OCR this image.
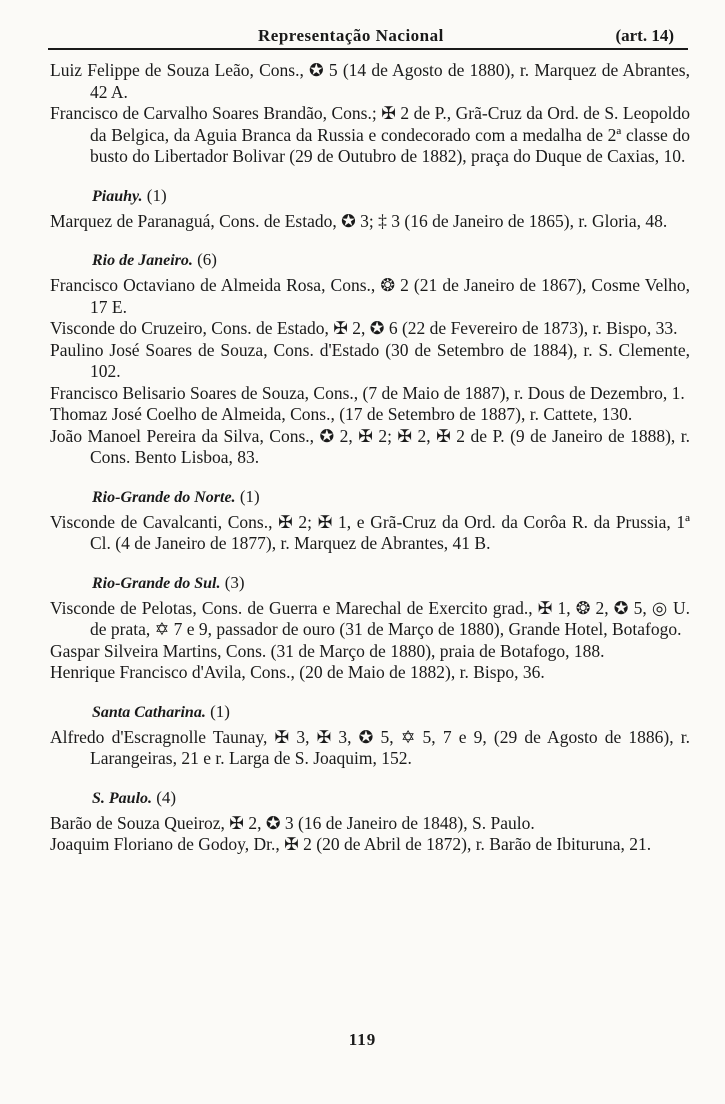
Representação Nacional	(art. 14)
Luiz Felippe de Souza Leão, Cons., ✪ 5 (14 de Agosto de 1880), r. Marquez de Abrantes, 42 A.
Francisco de Carvalho Soares Brandão, Cons.; ✠ 2 de P., Grã-Cruz da Ord. de S. Leopoldo da Belgica, da Aguia Branca da Russia e condecorado com a medalha de 2ª classe do busto do Libertador Bolivar (29 de Outubro de 1882), praça do Duque de Caxias, 10.
Piauhy. (1)
Marquez de Paranaguá, Cons. de Estado, ✪ 3; ‡ 3 (16 de Janeiro de 1865), r. Gloria, 48.
Rio de Janeiro. (6)
Francisco Octaviano de Almeida Rosa, Cons., ❂ 2 (21 de Janeiro de 1867), Cosme Velho, 17 E.
Visconde do Cruzeiro, Cons. de Estado, ✠ 2, ✪ 6 (22 de Fevereiro de 1873), r. Bispo, 33.
Paulino José Soares de Souza, Cons. d'Estado (30 de Setembro de 1884), r. S. Clemente, 102.
Francisco Belisario Soares de Souza, Cons., (7 de Maio de 1887), r. Dous de Dezembro, 1.
Thomaz José Coelho de Almeida, Cons., (17 de Setembro de 1887), r. Cattete, 130.
João Manoel Pereira da Silva, Cons., ✪ 2, ✠ 2; ✠ 2, ✠ 2 de P. (9 de Janeiro de 1888), r. Cons. Bento Lisboa, 83.
Rio-Grande do Norte. (1)
Visconde de Cavalcanti, Cons., ✠ 2; ✠ 1, e Grã-Cruz da Ord. da Corôa R. da Prussia, 1ª Cl. (4 de Janeiro de 1877), r. Marquez de Abrantes, 41 B.
Rio-Grande do Sul. (3)
Visconde de Pelotas, Cons. de Guerra e Marechal de Exercito grad., ✠ 1, ❂ 2, ✪ 5, ◎ U. de prata, ✡ 7 e 9, passador de ouro (31 de Março de 1880), Grande Hotel, Botafogo.
Gaspar Silveira Martins, Cons. (31 de Março de 1880), praia de Botafogo, 188.
Henrique Francisco d'Avila, Cons., (20 de Maio de 1882), r. Bispo, 36.
Santa Catharina. (1)
Alfredo d'Escragnolle Taunay, ✠ 3, ✠ 3, ✪ 5, ✡ 5, 7 e 9, (29 de Agosto de 1886), r. Larangeiras, 21 e r. Larga de S. Joaquim, 152.
S. Paulo. (4)
Barão de Souza Queiroz, ✠ 2, ✪ 3 (16 de Janeiro de 1848), S. Paulo.
Joaquim Floriano de Godoy, Dr., ✠ 2 (20 de Abril de 1872), r. Barão de Ibituruna, 21.
119
